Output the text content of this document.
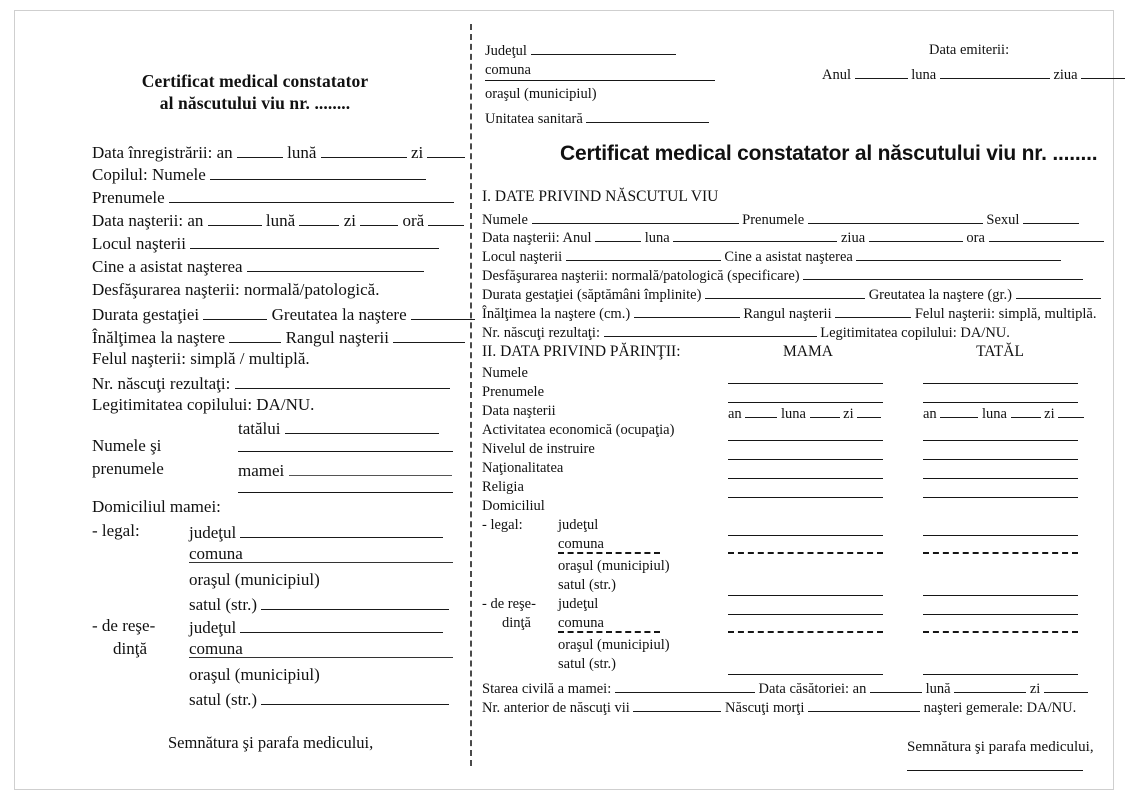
Certificat medical constatator
al născutului viu nr. ........
Data înregistrării: an	lună	zi
Copilul: Numele
Prenumele
Data naşterii: an	lună	zi	oră
Locul naşterii
Cine a asistat naşterea
Desfăşurarea naşterii: normală/patologică.
Durata gestaţiei	Greutatea la naştere
Înălţimea la naştere	Rangul naşterii
Felul naşterii: simplă / multiplă.
Nr. născuţi rezultaţi:
Legitimitatea copilului: DA/NU.
tatălui
Numele şi
prenumele	mamei
Domiciliul mamei:
- legal:	judeţul
comuna
oraşul (municipiul)
satul (str.)
- de reşe-
dinţă
judeţul
comuna
oraşul (municipiul)
satul (str.)
Semnătura şi parafa medicului,
Judeţul
comuna
oraşul (municipiul)
Unitatea sanitară
Data emiterii:
Anul	luna	ziua
Certificat medical constatator al născutului viu nr. ........
I. DATE PRIVIND NĂSCUTUL VIU
Numele	Prenumele	Sexul
Data naşterii: Anul	luna	ziua	ora
Locul naşterii	Cine a asistat naşterea
Desfăşurarea naşterii: normală/patologică (specificare)
Durata gestaţiei (săptămâni împlinite)	Greutatea la naştere (gr.)
Înălţimea la naştere (cm.)	Rangul naşterii	Felul naşterii: simplă, multiplă.
Nr. născuţi rezultaţi:	Legitimitatea copilului: DA/NU.
II. DATA PRIVIND PĂRINŢII:	MAMA	TATĂL
Numele
Prenumele
Data naşterii	an	luna	zi	an	luna	zi
Activitatea economică (ocupaţia)
Nivelul de instruire
Naţionalitatea
Religia
Domiciliul
- legal: judeţul
comuna
oraşul (municipiul)
satul (str.)
- de reşe-
dinţă
judeţul
comuna
oraşul (municipiul)
satul (str.)
Starea civilă a mamei:	Data căsătoriei: an	lună	zi
Nr. anterior de născuţi vii	Născuţi morţi	naşteri gemerale: DA/NU.
Semnătura şi parafa medicului,
